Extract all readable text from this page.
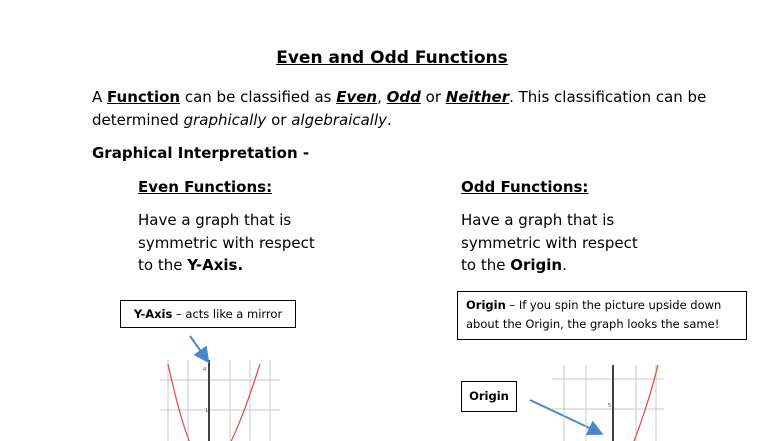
Even and Odd Functions
A Function can be classified as Even, Odd or Neither. This classification can be
determined graphically or algebraically.
Graphical Interpretation -
Even Functions:
Have a graph that is
symmetric with respect
to the Y-Axis.
Odd Functions:
Have a graph that is
symmetric with respect
to the Origin.
Y-Axis – acts like a mirror
Origin – If you spin the picture upside down
about the Origin, the graph looks the same!
Origin
4
1
5
